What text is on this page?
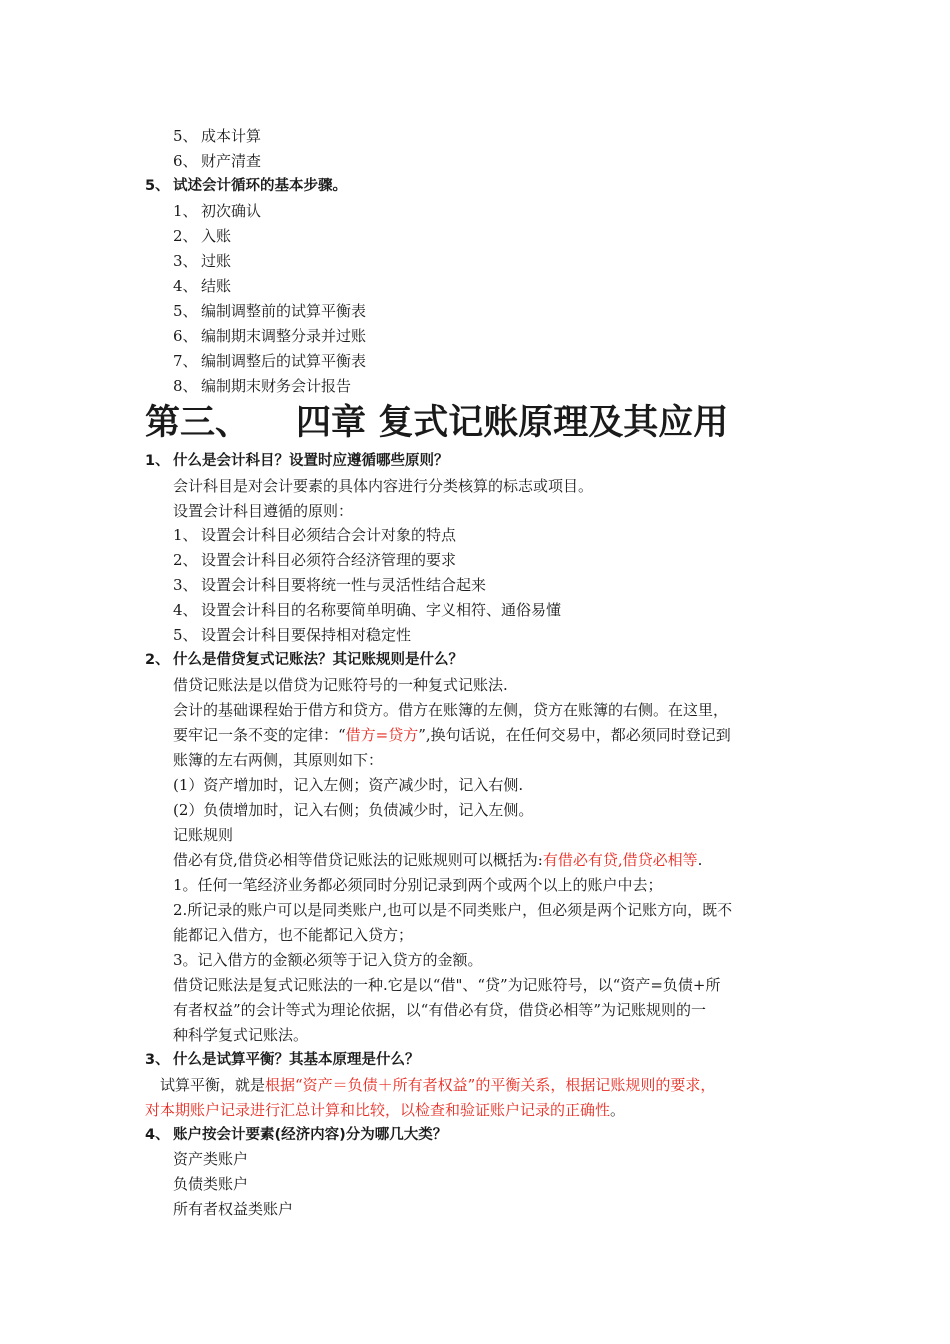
5、 成本计算
6、 财产清查
5、 试述会计循环的基本步骤。
1、 初次确认
2、 入账
3、 过账
4、 结账
5、 编制调整前的试算平衡表
6、 编制期末调整分录并过账
7、 编制调整后的试算平衡表
8、 编制期末财务会计报告
第三、 四章 复式记账原理及其应用
1、 什么是会计科目？设置时应遵循哪些原则？
会计科目是对会计要素的具体内容进行分类核算的标志或项目。
设置会计科目遵循的原则：
1、 设置会计科目必须结合会计对象的特点
2、 设置会计科目必须符合经济管理的要求
3、 设置会计科目要将统一性与灵活性结合起来
4、 设置会计科目的名称要简单明确、字义相符、通俗易懂
5、 设置会计科目要保持相对稳定性
2、 什么是借贷复式记账法？其记账规则是什么？
借贷记账法是以借贷为记账符号的一种复式记账法.
会计的基础课程始于借方和贷方。借方在账簿的左侧，贷方在账簿的右侧。在这里，
要牢记一条不变的定律：“借方=贷方”,换句话说，在任何交易中，都必须同时登记到
账簿的左右两侧，其原则如下：
(1）资产增加时，记入左侧；资产减少时，记入右侧.
(2）负债增加时，记入右侧；负债减少时，记入左侧。
记账规则
借必有贷,借贷必相等借贷记账法的记账规则可以概括为:有借必有贷,借贷必相等.
1。任何一笔经济业务都必须同时分别记录到两个或两个以上的账户中去；
2.所记录的账户可以是同类账户,也可以是不同类账户，但必须是两个记账方向，既不
能都记入借方，也不能都记入贷方；
3。记入借方的金额必须等于记入贷方的金额。
借贷记账法是复式记账法的一种.它是以“借"、“贷”为记账符号，以“资产=负债+所
有者权益”的会计等式为理论依据，以“有借必有贷，借贷必相等”为记账规则的一
种科学复式记账法。
3、 什么是试算平衡？其基本原理是什么？
试算平衡，就是根据“资产＝负债＋所有者权益”的平衡关系，根据记账规则的要求，
对本期账户记录进行汇总计算和比较，以检查和验证账户记录的正确性。
4、 账户按会计要素(经济内容)分为哪几大类？
资产类账户
负债类账户
所有者权益类账户
